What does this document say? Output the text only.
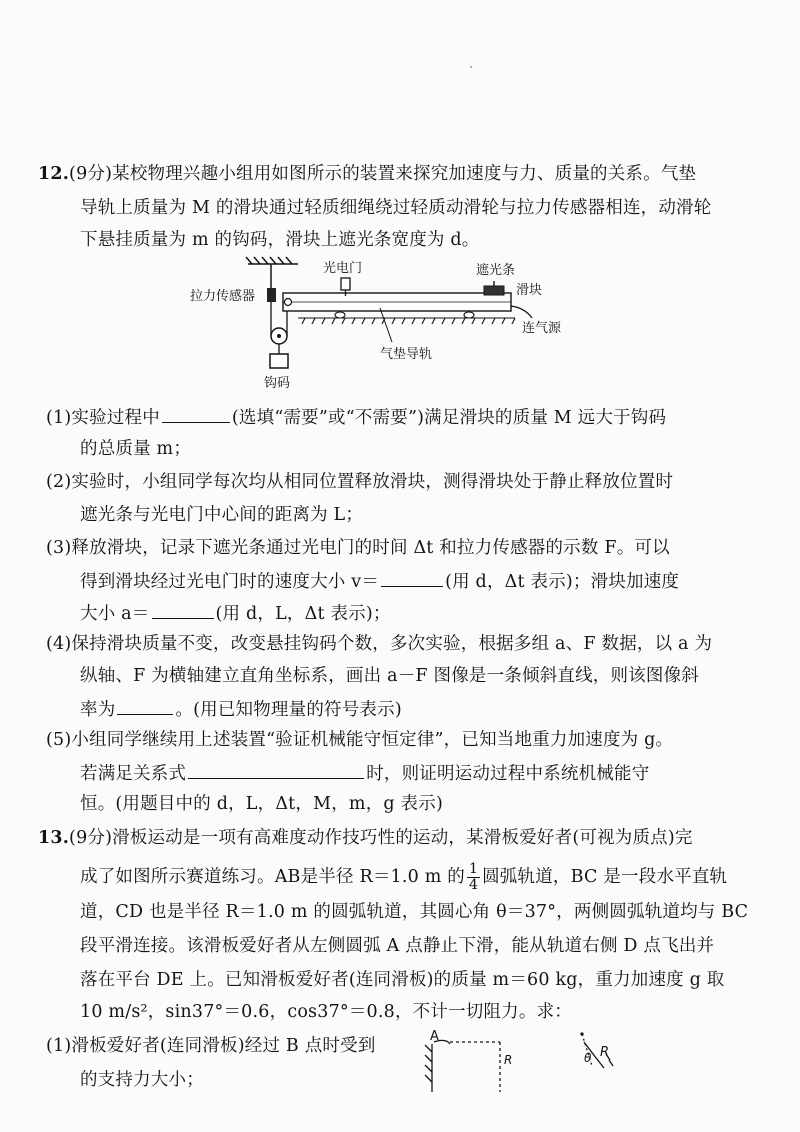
12.(9分)某校物理兴趣小组用如图所示的装置来探究加速度与力、质量的关系。气垫
导轨上质量为 M 的滑块通过轻质细绳绕过轻质动滑轮与拉力传感器相连，动滑轮
下悬挂质量为 m 的钩码，滑块上遮光条宽度为 d。
拉力传感器
光电门	遮光条
滑块
连气源
气垫导轨
钩码
(1)实验过程中	(选填“需要”或“不需要”)满足滑块的质量 M 远大于钩码
的总质量 m；
(2)实验时，小组同学每次均从相同位置释放滑块，测得滑块处于静止释放位置时
遮光条与光电门中心间的距离为 L；
(3)释放滑块，记录下遮光条通过光电门的时间 Δt 和拉力传感器的示数 F。可以
得到滑块经过光电门时的速度大小 v＝	(用 d，Δt 表示)；滑块加速度
大小 a＝	(用 d，L，Δt 表示)；
(4)保持滑块质量不变，改变悬挂钩码个数，多次实验，根据多组 a、F 数据，以 a 为
纵轴、F 为横轴建立直角坐标系，画出 a－F 图像是一条倾斜直线，则该图像斜
率为	。(用已知物理量的符号表示)
(5)小组同学继续用上述装置“验证机械能守恒定律”，已知当地重力加速度为 g。
若满足关系式	时，则证明运动过程中系统机械能守
恒。(用题目中的 d，L，Δt，M，m，g 表示)
13.(9分)滑板运动是一项有高难度动作技巧性的运动，某滑板爱好者(可视为质点)完
成了如图所示赛道练习。AB是半径 R＝1.0 m 的 $\frac{1}{4}$ 圆弧轨道，BC 是一段水平直轨
道，CD 也是半径 R＝1.0 m 的圆弧轨道，其圆心角 θ＝37°，两侧圆弧轨道均与 BC
段平滑连接。该滑板爱好者从左侧圆弧 A 点静止下滑，能从轨道右侧 D 点飞出并
落在平台 DE 上。已知滑板爱好者(连同滑板)的质量 m＝60 kg，重力加速度 g 取
10 m/s²，sin37°＝0.6，cos37°＝0.8，不计一切阻力。求：
(1)滑板爱好者(连同滑板)经过 B 点时受到
的支持力大小；
A
R	θ R
